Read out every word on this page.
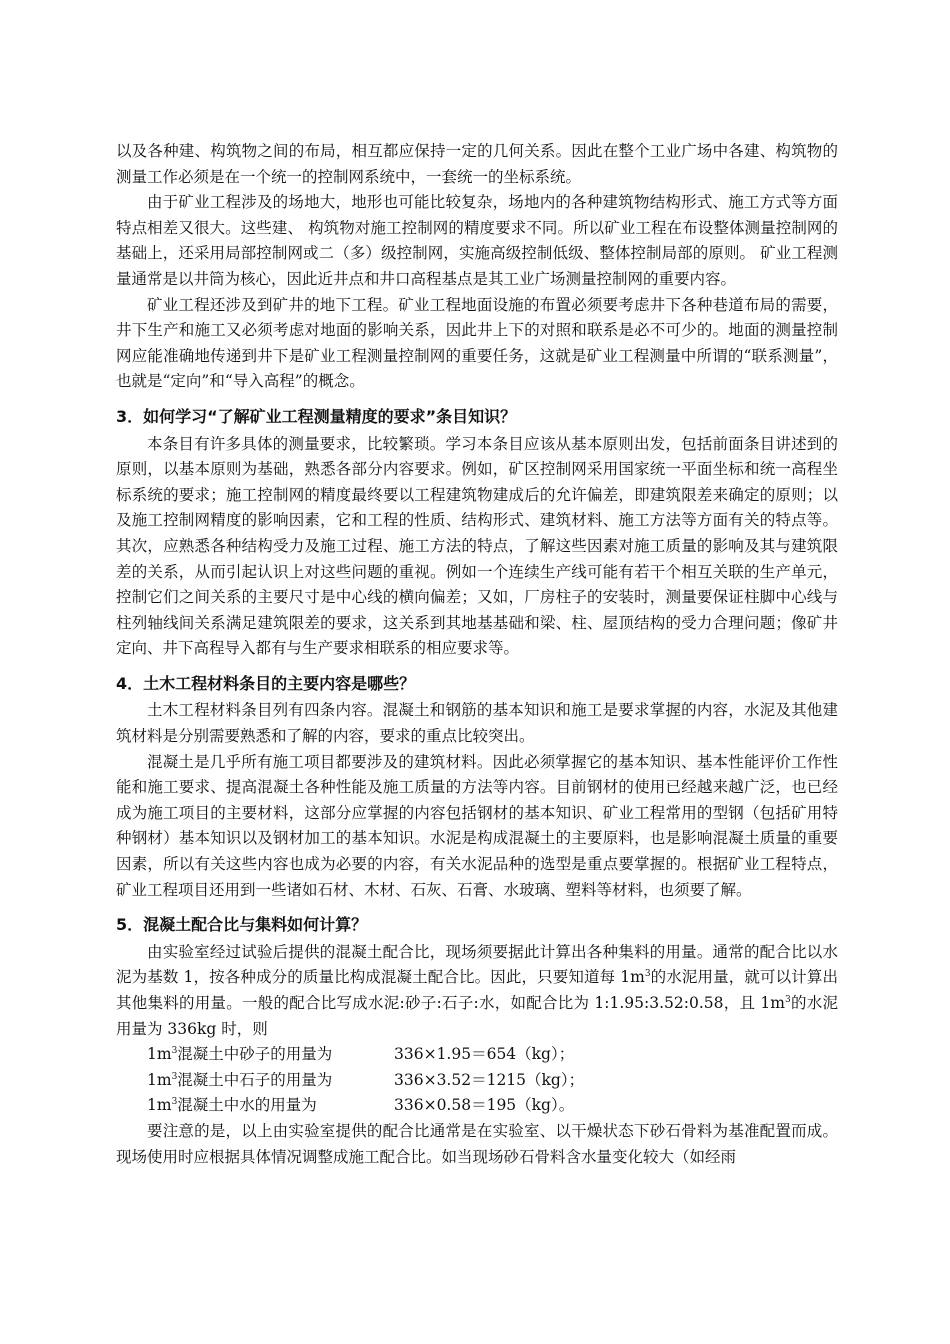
以及各种建、构筑物之间的布局，相互都应保持一定的几何关系。因此在整个工业广场中各建、构筑物的测量工作必须是在一个统一的控制网系统中，一套统一的坐标系统。

由于矿业工程涉及的场地大，地形也可能比较复杂，场地内的各种建筑物结构形式、施工方式等方面特点相差又很大。这些建、 构筑物对施工控制网的精度要求不同。所以矿业工程在布设整体测量控制网的基础上，还采用局部控制网或二（多）级控制网，实施高级控制低级、整体控制局部的原则。 矿业工程测量通常是以井筒为核心，因此近井点和井口高程基点是其工业广场测量控制网的重要内容。

矿业工程还涉及到矿井的地下工程。矿业工程地面设施的布置必须要考虑井下各种巷道布局的需要，井下生产和施工又必须考虑对地面的影响关系，因此井上下的对照和联系是必不可少的。地面的测量控制网应能准确地传递到井下是矿业工程测量控制网的重要任务，这就是矿业工程测量中所谓的“联系测量”，也就是“定向”和“导入高程”的概念。

3．如何学习“了解矿业工程测量精度的要求”条目知识？

本条目有许多具体的测量要求，比较繁琐。学习本条目应该从基本原则出发，包括前面条目讲述到的原则，以基本原则为基础，熟悉各部分内容要求。例如，矿区控制网采用国家统一平面坐标和统一高程坐标系统的要求；施工控制网的精度最终要以工程建筑物建成后的允许偏差，即建筑限差来确定的原则；以及施工控制网精度的影响因素，它和工程的性质、结构形式、建筑材料、施工方法等方面有关的特点等。其次，应熟悉各种结构受力及施工过程、施工方法的特点，了解这些因素对施工质量的影响及其与建筑限差的关系，从而引起认识上对这些问题的重视。例如一个连续生产线可能有若干个相互关联的生产单元，控制它们之间关系的主要尺寸是中心线的横向偏差；又如，厂房柱子的安装时，测量要保证柱脚中心线与柱列轴线间关系满足建筑限差的要求，这关系到其地基基础和梁、柱、屋顶结构的受力合理问题；像矿井定向、井下高程导入都有与生产要求相联系的相应要求等。

4．土木工程材料条目的主要内容是哪些？

土木工程材料条目列有四条内容。混凝土和钢筋的基本知识和施工是要求掌握的内容，水泥及其他建筑材料是分别需要熟悉和了解的内容，要求的重点比较突出。

混凝土是几乎所有施工项目都要涉及的建筑材料。因此必须掌握它的基本知识、基本性能评价工作性能和施工要求、提高混凝土各种性能及施工质量的方法等内容。目前钢材的使用已经越来越广泛，也已经成为施工项目的主要材料，这部分应掌握的内容包括钢材的基本知识、矿业工程常用的型钢（包括矿用特种钢材）基本知识以及钢材加工的基本知识。水泥是构成混凝土的主要原料，也是影响混凝土质量的重要因素，所以有关这些内容也成为必要的内容，有关水泥品种的选型是重点要掌握的。根据矿业工程特点，矿业工程项目还用到一些诸如石材、木材、石灰、石膏、水玻璃、塑料等材料，也须要了解。

5．混凝土配合比与集料如何计算？

由实验室经过试验后提供的混凝土配合比，现场须要据此计算出各种集料的用量。通常的配合比以水泥为基数 1，按各种成分的质量比构成混凝土配合比。因此，只要知道每 $1m^3$的水泥用量，就可以计算出其他集料的用量。一般的配合比写成水泥:砂子:石子:水，如配合比为 1:1.95:3.52:0.58，且 $1m^3$的水泥用量为 336kg 时，则

$1m^3$混凝土中砂子的用量为	336×1.95＝654（kg）；
$1m^3$混凝土中石子的用量为	336×3.52＝1215（kg）；
$1m^3$混凝土中水的用量为	336×0.58＝195（kg）。

要注意的是，以上由实验室提供的配合比通常是在实验室、以干燥状态下砂石骨料为基准配置而成。现场使用时应根据具体情况调整成施工配合比。如当现场砂石骨料含水量变化较大（如经雨
